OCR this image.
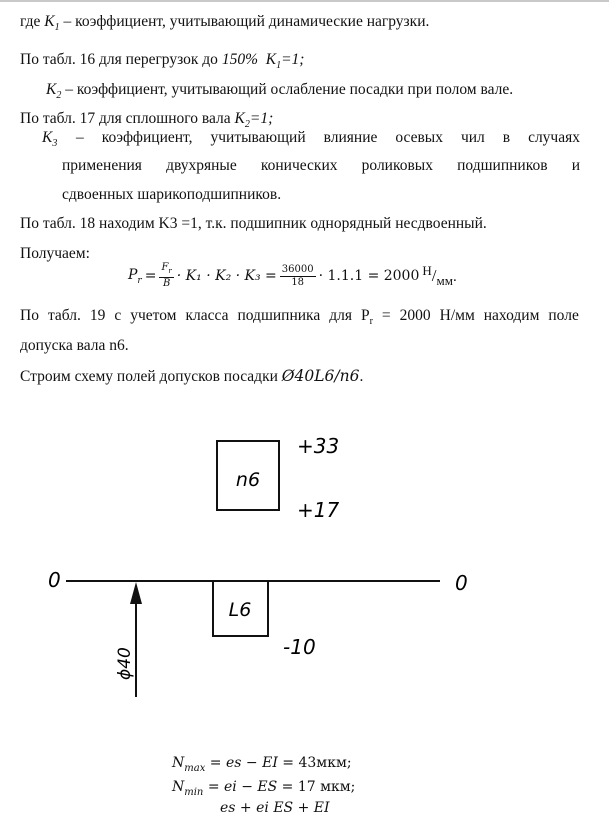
где $K_1$ – коэффициент, учитывающий динамические нагрузки.
По табл. 16 для перегрузок до 150% $K_1=1$;
$K_2$ – коэффициент, учитывающий ослабление посадки при полом вале.
По табл. 17 для сплошного вала $K_2=1$;
$K_3$ – коэффициент, учитывающий влияние осевых чил в случаях
применения двухряные конических роликовых подшипников и
сдвоенных шарикоподшипников.
По табл. 18 находим K3 =1, т.к. подшипник однорядный несдвоенный.
Получаем:
$P_r = \frac{F_r}{B} \cdot K_1 \cdot K_2 \cdot K_3 = \frac{36000}{18} \cdot 1.1.1 = 2000$ $^Н/_{мм}$.
По табл. 19 с учетом класса подшипника для $P_r = 2000$ Н/мм находим поле
допуска вала n6.
Строим схему полей допусков посадки Ø40L6/n6.
n6
+33
+17
0	0
L6
-10
ϕ40
$N_{max}$ = es − EI = 43мкм;
$N_{min}$ = ei − ES = 17 мкм;
es + ei ES + EI
